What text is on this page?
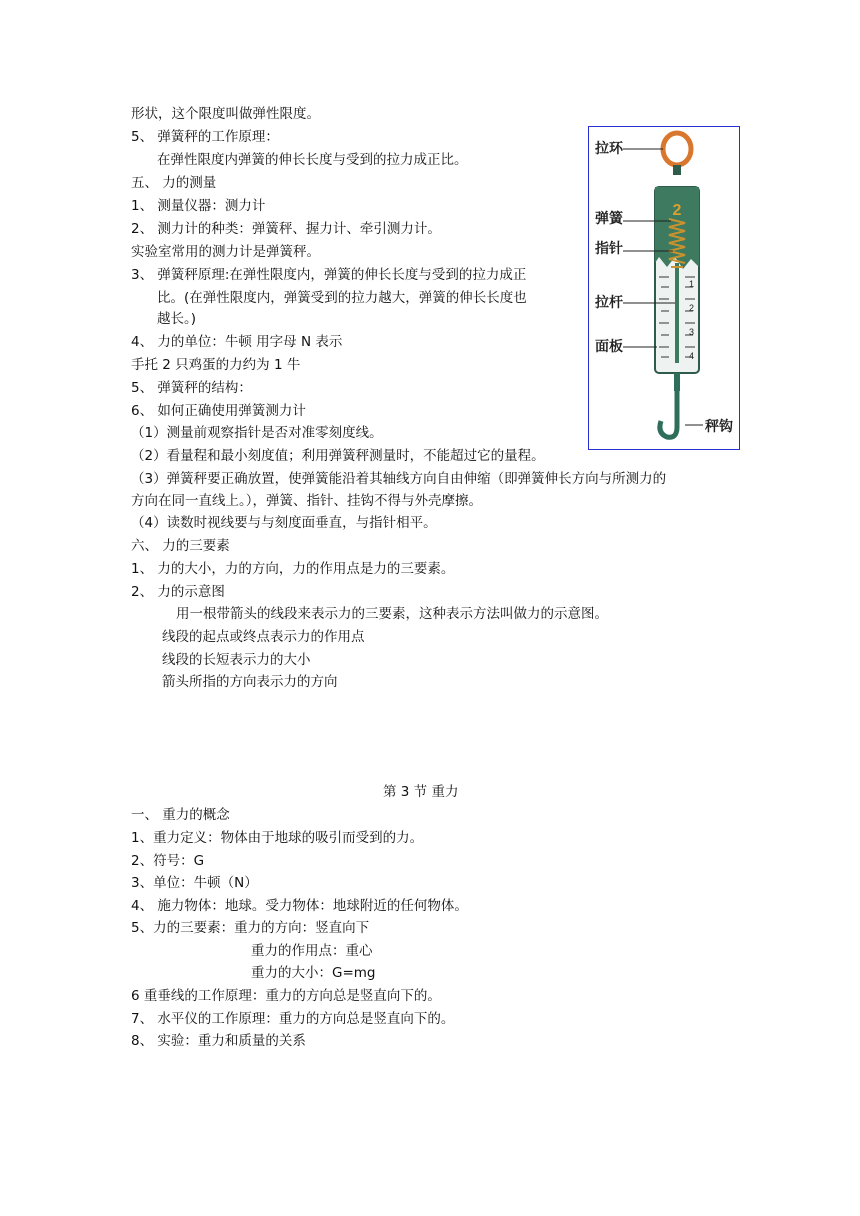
形状，这个限度叫做弹性限度。
5、 弹簧秤的工作原理：
在弹性限度内弹簧的伸长长度与受到的拉力成正比。
五、 力的测量
1、 测量仪器：测力计
2、 测力计的种类：弹簧秤、握力计、牵引测力计。
实验室常用的测力计是弹簧秤。
3、 弹簧秤原理:在弹性限度内，弹簧的伸长长度与受到的拉力成正
比。(在弹性限度内，弹簧受到的拉力越大，弹簧的伸长长度也
越长。)
4、 力的单位：牛顿 用字母 N 表示
手托 2 只鸡蛋的力约为 1 牛
5、 弹簧秤的结构：
6、 如何正确使用弹簧测力计
（1）测量前观察指针是否对准零刻度线。
（2）看量程和最小刻度值；利用弹簧秤测量时，不能超过它的量程。
（3）弹簧秤要正确放置，使弹簧能沿着其轴线方向自由伸缩（即弹簧伸长方向与所测力的
方向在同一直线上。），弹簧、指针、挂钩不得与外壳摩擦。
（4）读数时视线要与与刻度面垂直，与指针相平。
六、 力的三要素
1、 力的大小，力的方向，力的作用点是力的三要素。
2、 力的示意图
用一根带箭头的线段来表示力的三要素，这种表示方法叫做力的示意图。
线段的起点或终点表示力的作用点
线段的长短表示力的大小
箭头所指的方向表示力的方向
第 3 节 重力
一、 重力的概念
1、重力定义：物体由于地球的吸引而受到的力。
2、符号：G
3、单位：牛顿（N）
4、 施力物体：地球。受力物体：地球附近的任何物体。
5、力的三要素：重力的方向：竖直向下
重力的作用点：重心
重力的大小：G=mg
6 重垂线的工作原理：重力的方向总是竖直向下的。
7、 水平仪的工作原理：重力的方向总是竖直向下的。
8、 实验：重力和质量的关系
2
1
2
3
4
拉环
弹簧
指针
拉杆
面板
秤钩
